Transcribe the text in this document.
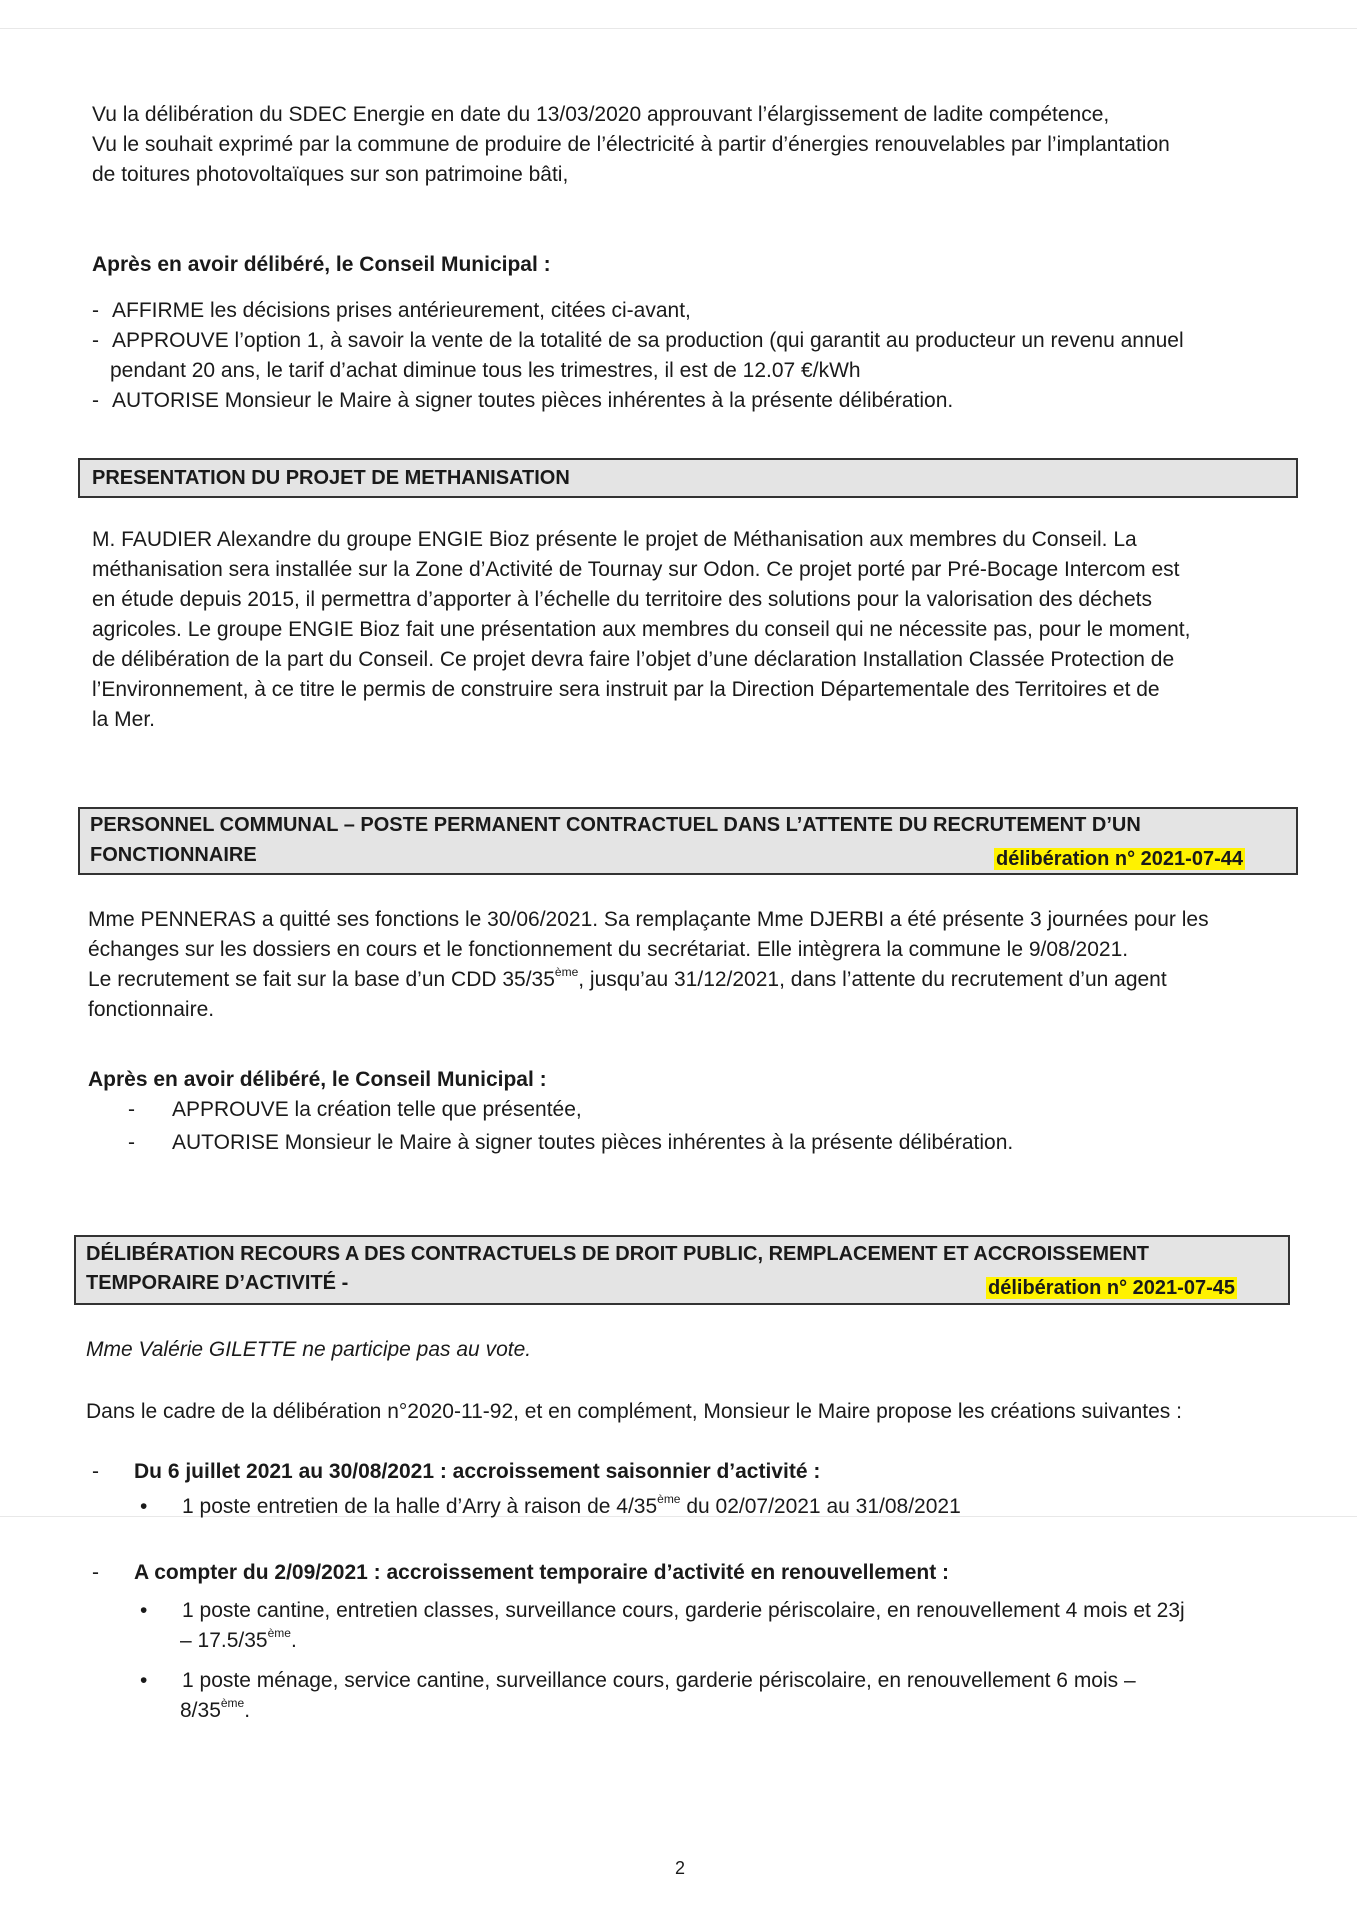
Vu la délibération du SDEC Energie en date du 13/03/2020 approuvant l’élargissement de ladite compétence,
Vu le souhait exprimé par la commune de produire de l’électricité à partir d’énergies renouvelables par l’implantation
de toitures photovoltaïques sur son patrimoine bâti,
Après en avoir délibéré, le Conseil Municipal :
- AFFIRME les décisions prises antérieurement, citées ci-avant,
- APPROUVE l’option 1, à savoir la vente de la totalité de sa production (qui garantit au producteur un revenu annuel
pendant 20 ans, le tarif d’achat diminue tous les trimestres, il est de 12.07 €/kWh
- AUTORISE Monsieur le Maire à signer toutes pièces inhérentes à la présente délibération.
PRESENTATION DU PROJET DE METHANISATION
M. FAUDIER Alexandre du groupe ENGIE Bioz présente le projet de Méthanisation aux membres du Conseil. La
méthanisation sera installée sur la Zone d’Activité de Tournay sur Odon. Ce projet porté par Pré-Bocage Intercom est
en étude depuis 2015, il permettra d’apporter à l’échelle du territoire des solutions pour la valorisation des déchets
agricoles. Le groupe ENGIE Bioz fait une présentation aux membres du conseil qui ne nécessite pas, pour le moment,
de délibération de la part du Conseil. Ce projet devra faire l’objet d’une déclaration Installation Classée Protection de
l’Environnement, à ce titre le permis de construire sera instruit par la Direction Départementale des Territoires et de
la Mer.
PERSONNEL COMMUNAL – POSTE PERMANENT CONTRACTUEL DANS L’ATTENTE DU RECRUTEMENT D’UN
FONCTIONNAIRE	délibération n° 2021-07-44
Mme PENNERAS a quitté ses fonctions le 30/06/2021. Sa remplaçante Mme DJERBI a été présente 3 journées pour les
échanges sur les dossiers en cours et le fonctionnement du secrétariat. Elle intègrera la commune le 9/08/2021.
Le recrutement se fait sur la base d’un CDD 35/35ème, jusqu’au 31/12/2021, dans l’attente du recrutement d’un agent
fonctionnaire.
Après en avoir délibéré, le Conseil Municipal :
- APPROUVE la création telle que présentée,
- AUTORISE Monsieur le Maire à signer toutes pièces inhérentes à la présente délibération.
DÉLIBÉRATION RECOURS A DES CONTRACTUELS DE DROIT PUBLIC, REMPLACEMENT ET ACCROISSEMENT
TEMPORAIRE D’ACTIVITÉ -	délibération n° 2021-07-45
Mme Valérie GILETTE ne participe pas au vote.
Dans le cadre de la délibération n°2020-11-92, et en complément, Monsieur le Maire propose les créations suivantes :
- Du 6 juillet 2021 au 30/08/2021 : accroissement saisonnier d’activité :
• 1 poste entretien de la halle d’Arry à raison de 4/35ème du 02/07/2021 au 31/08/2021
- A compter du 2/09/2021 : accroissement temporaire d’activité en renouvellement :
• 1 poste cantine, entretien classes, surveillance cours, garderie périscolaire, en renouvellement 4 mois et 23j
– 17.5/35ème.
• 1 poste ménage, service cantine, surveillance cours, garderie périscolaire, en renouvellement 6 mois –
8/35ème.
2
